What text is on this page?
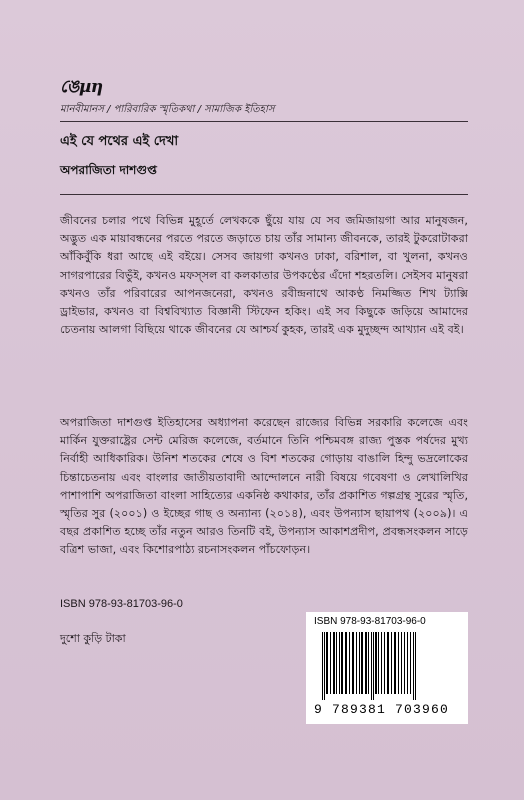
ঙেµη
মানবীমানস / পারিবারিক স্মৃতিকথা / সামাজিক ইতিহাস
এই যে পথের এই দেখা
অপরাজিতা দাশগুপ্ত
জীবনের চলার পথে বিভিন্ন মুহূর্তে লেখককে ছুঁয়ে যায় যে সব জমিজায়গা আর মানুষজন, অদ্ভুত এক মায়াবন্ধনের পরতে পরতে জড়াতে চায় তাঁর সামান্য জীবনকে, তারই টুকরোটাকরা আঁকিবুঁকি ধরা আছে এই বইয়ে। সেসব জায়গা কখনও ঢাকা, বরিশাল, বা খুলনা, কখনও সাগরপারের বিভুঁই, কখনও মফস্সল বা কলকাতার উপকণ্ঠের এঁদো শহরতলি। সেইসব মানুষরা কখনও তাঁর পরিবারের আপনজনেরা, কখনও রবীন্দ্রনাথে আকণ্ঠ নিমজ্জিত শিখ ট্যাক্সি ড্রাইভার, কখনও বা বিশ্ববিখ্যাত বিজ্ঞানী স্টিফেন হকিং। এই সব কিছুকে জড়িয়ে আমাদের চেতনায় আলগা বিছিয়ে থাকে জীবনের যে আশ্চর্য কুহক, তারই এক মুদুচ্ছন্দ আখ্যান এই বই।
অপরাজিতা দাশগুপ্ত ইতিহাসের অধ্যাপনা করেছেন রাজ্যের বিভিন্ন সরকারি কলেজে এবং মার্কিন যুক্তরাষ্ট্রের সেন্ট মেরিজ কলেজে, বর্তমানে তিনি পশ্চিমবঙ্গ রাজ্য পুস্তক পর্ষদের মুখ্য নির্বাহী আধিকারিক। উনিশ শতকের শেষে ও বিশ শতকের গোড়ায় বাঙালি হিন্দু ভদ্রলোকের চিন্তাচেতনায় এবং বাংলার জাতীয়তাবাদী আন্দোলনে নারী বিষয়ে গবেষণা ও লেখালিখির পাশাপাশি অপরাজিতা বাংলা সাহিত্যের একনিষ্ঠ কথাকার, তাঁর প্রকাশিত গল্পগ্রন্থ সুরের স্মৃতি, স্মৃতির সুর (২০০১) ও ইচ্ছের গাছ ও অন্যান্য (২০১৪), এবং উপন্যাস ছায়াপথ (২০০৯)। এ বছর প্রকাশিত হচ্ছে তাঁর নতুন আরও তিনটি বই, উপন্যাস আকাশপ্রদীপ, প্রবন্ধসংকলন সাড়ে বত্রিশ ভাজা, এবং কিশোরপাঠ্য রচনাসংকলন পাঁচফোড়ন।
ISBN 978-93-81703-96-0
দুশো কুড়ি টাকা
ISBN 978-93-81703-96-0
9 789381 703960
